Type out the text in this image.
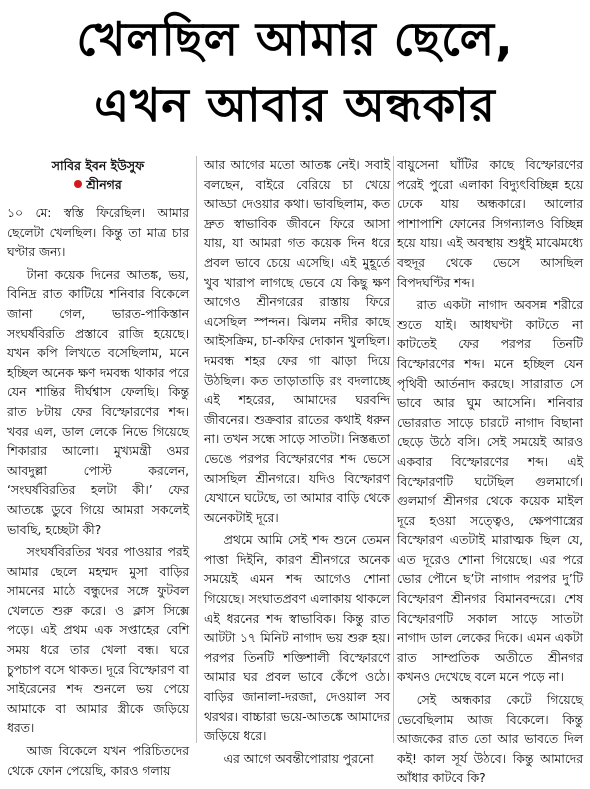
খেলছিল আমার ছেলে,
এখন আবার অন্ধকার
সাবির ইবন ইউসুফ
শ্রীনগর

১০ মে: স্বস্তি ফিরেছিল। আমার ছেলেটা খেলছিল। কিন্তু তা মাত্র চার ঘণ্টার জন্য।

টানা কয়েক দিনের আতঙ্ক, ভয়, বিনিদ্র রাত কাটিয়ে শনিবার বিকেলে জানা গেল, ভারত-পাকিস্তান সংঘর্ষবিরতি প্রস্তাবে রাজি হয়েছে। যখন কপি লিখতে বসেছিলাম, মনে হচ্ছিল অনেক ক্ষণ দমবন্ধ থাকার পরে যেন শান্তির দীর্ঘশ্বাস ফেলছি। কিন্তু রাত ৮টায় ফের বিস্ফোরণের শব্দ। খবর এল, ডাল লেকে নিভে গিয়েছে শিকারার আলো। মুখ্যমন্ত্রী ওমর আবদুল্লা পোস্ট করলেন, ‘সংঘর্ষবিরতির হলটা কী।’ ফের আতঙ্কে ডুবে গিয়ে আমরা সকলেই ভাবছি, হচ্ছেটা কী?

সংঘর্ষবিরতির খবর পাওয়ার পরই আমার ছেলে মহম্মদ মুসা বাড়ির সামনের মাঠে বন্ধুদের সঙ্গে ফুটবল খেলতে শুরু করে। ও ক্লাস সিক্সে পড়ে। এই প্রথম এক সপ্তাহের বেশি সময় ধরে তার খেলা বন্ধ। ঘরে চুপচাপ বসে থাকত। দূরে বিস্ফোরণ বা সাইরেনের শব্দ শুনলে ভয় পেয়ে আমাকে বা আমার স্ত্রীকে জড়িয়ে ধরত।

আজ বিকেলে যখন পরিচিতদের থেকে ফোন পেয়েছি, কারও গলায়

আর আগের মতো আতঙ্ক নেই। সবাই বলছেন, বাইরে বেরিয়ে চা খেয়ে আড্ডা দেওয়ার কথা। ভাবছিলাম, কত দ্রুত স্বাভাবিক জীবনে ফিরে আসা যায়, যা আমরা গত কয়েক দিন ধরে প্রবল ভাবে চেয়ে এসেছি। এই মুহূর্তে খুব খারাপ লাগছে ভেবে যে কিছু ক্ষণ আগেও শ্রীনগরের রাস্তায় ফিরে এসেছিল স্পন্দন। ঝিলম নদীর কাছে আইসক্রিম, চা-কফির দোকান খুলছিল। দমবন্ধ শহর ফের গা ঝাড়া দিয়ে উঠছিল। কত তাড়াতাড়ি রং বদলাচ্ছে এই শহরের, আমাদের ঘরবন্দি জীবনের। শুক্রবার রাতের কথাই ধরুন না। তখন সন্ধে সাড়ে সাতটা। নিস্তব্ধতা ভেঙে পরপর বিস্ফোরণের শব্দ ভেসে আসছিল শ্রীনগরে। যদিও বিস্ফোরণ যেখানে ঘটেছে, তা আমার বাড়ি থেকে অনেকটাই দূরে।

প্রথমে আমি সেই শব্দ শুনে তেমন পাত্তা দিইনি, কারণ শ্রীনগরে অনেক সময়েই এমন শব্দ আগেও শোনা গিয়েছে। সংঘাতপ্রবণ এলাকায় থাকলে এই ধরনের শব্দ স্বাভাবিক। কিন্তু রাত আটটা ১৭ মিনিট নাগাদ ভয় শুরু হয়। পরপর তিনটি শক্তিশালী বিস্ফোরণে আমার ঘর প্রবল ভাবে কেঁপে ওঠে। বাড়ির জানালা-দরজা, দেওয়াল সব থরথর। বাচ্চারা ভয়ে-আতঙ্কে আমাদের জড়িয়ে ধরে।

এর আগে অবন্তীপোরায় পুরনো

বায়ুসেনা ঘাঁটির কাছে বিস্ফোরণের পরেই পুরো এলাকা বিদ্যুৎবিচ্ছিন্ন হয়ে ঢেকে যায় অন্ধকারে। আলোর পাশাপাশি ফোনের সিগন্যালও বিচ্ছিন্ন হয়ে যায়। এই অবস্থায় শুধুই মাঝেমধ্যে বহুদূর থেকে ভেসে আসছিল বিপদঘণ্টির শব্দ।

রাত একটা নাগাদ অবসন্ন শরীরে শুতে যাই। আধঘণ্টা কাটতে না কাটতেই ফের পরপর তিনটি বিস্ফোরণের শব্দ। মনে হচ্ছিল যেন পৃথিবী আর্তনাদ করছে। সারারাত সে ভাবে আর ঘুম আসেনি। শনিবার ভোররাত সাড়ে চারটে নাগাদ বিছানা ছেড়ে উঠে বসি। সেই সময়েই আরও একবার বিস্ফোরণের শব্দ। এই বিস্ফোরণটি ঘটেছিল গুলমার্গে। গুলমার্গ শ্রীনগর থেকে কয়েক মাইল দূরে হওয়া সত্ত্বেও, ক্ষেপণাস্ত্রের বিস্ফোরণ এতটাই মারাত্মক ছিল যে, এত দূরেও শোনা গিয়েছে। এর পরে ভোর পৌনে ছ’টা নাগাদ পরপর দু’টি বিস্ফোরণ শ্রীনগর বিমানবন্দরে। শেষ বিস্ফোরণটি সকাল সাড়ে সাতটা নাগাদ ডাল লেকের দিকে। এমন একটা রাত সাম্প্রতিক অতীতে শ্রীনগর কখনও দেখেছে বলে মনে পড়ে না।

সেই অন্ধকার কেটে গিয়েছে ভেবেছিলাম আজ বিকেলে। কিন্তু আজকের রাত তো আর ভাবতে দিল কই! কাল সূর্য উঠবে। কিন্তু আমাদের আঁধার কাটবে কি?
